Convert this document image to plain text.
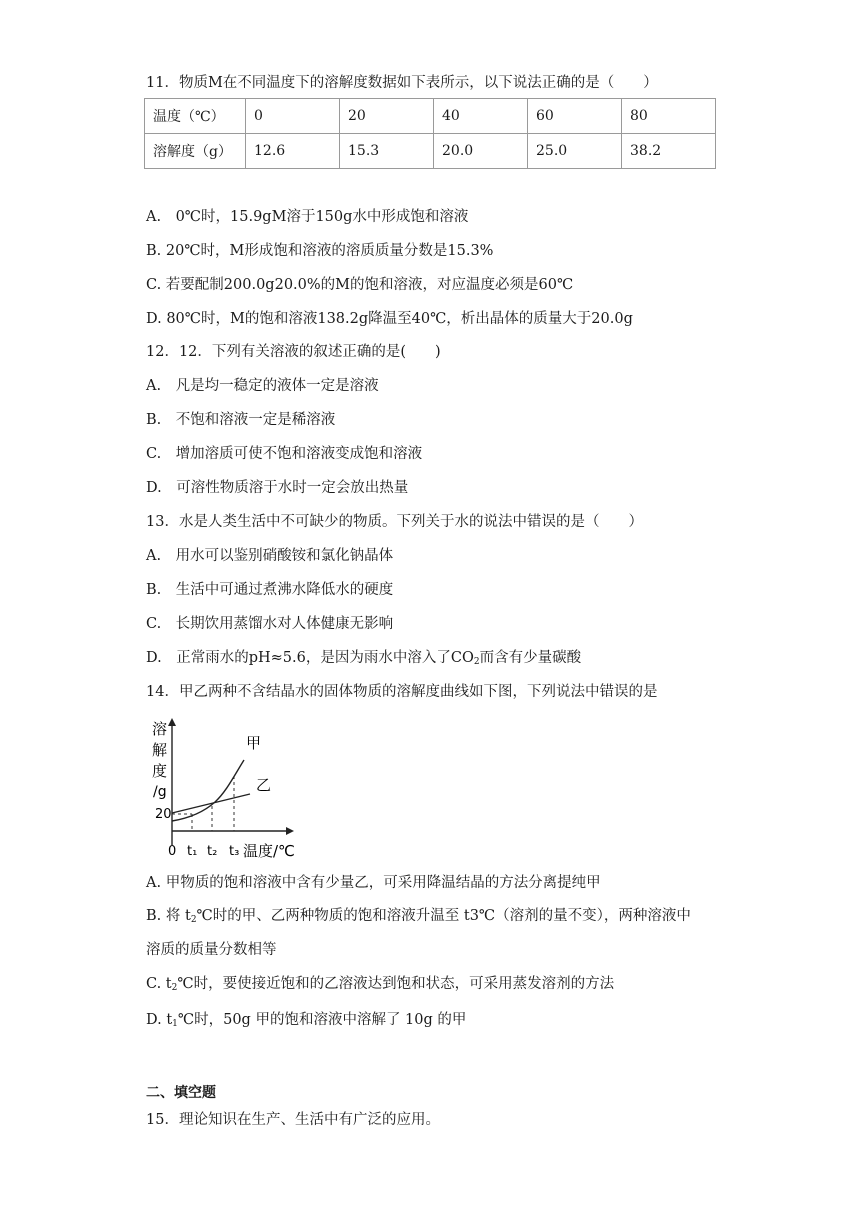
11．物质M在不同温度下的溶解度数据如下表所示，以下说法正确的是（　　）
温度（℃）	0	20	40	60	80
溶解度（g）	12.6	15.3	20.0	25.0	38.2
A.　0℃时，15.9gM溶于150g水中形成饱和溶液
B. 20℃时，M形成饱和溶液的溶质质量分数是15.3%
C. 若要配制200.0g20.0%的M的饱和溶液，对应温度必须是60℃
D. 80℃时，M的饱和溶液138.2g降温至40℃，析出晶体的质量大于20.0g
12．12．下列有关溶液的叙述正确的是(　　)
A.　凡是均一稳定的液体一定是溶液
B.　不饱和溶液一定是稀溶液
C.　增加溶质可使不饱和溶液变成饱和溶液
D.　可溶性物质溶于水时一定会放出热量
13．水是人类生活中不可缺少的物质。下列关于水的说法中错误的是（　　）
A.　用水可以鉴别硝酸铵和氯化钠晶体
B.　生活中可通过煮沸水降低水的硬度
C.　长期饮用蒸馏水对人体健康无影响
D.　正常雨水的pH≈5.6，是因为雨水中溶入了$CO_2$而含有少量碳酸
14．甲乙两种不含结晶水的固体物质的溶解度曲线如下图，下列说法中错误的是
溶
解
度
/g
20
甲
乙
0 t₁ t₂ t₃ 温度/℃
A. 甲物质的饱和溶液中含有少量乙，可采用降温结晶的方法分离提纯甲
B. 将 $t_2℃$时的甲、乙两种物质的饱和溶液升温至 t3℃（溶剂的量不变），两种溶液中
溶质的质量分数相等
C. $t_2℃$时，要使接近饱和的乙溶液达到饱和状态，可采用蒸发溶剂的方法
D. $t_1℃$时，50g 甲的饱和溶液中溶解了 10g 的甲
二、填空题
15．理论知识在生产、生活中有广泛的应用。
